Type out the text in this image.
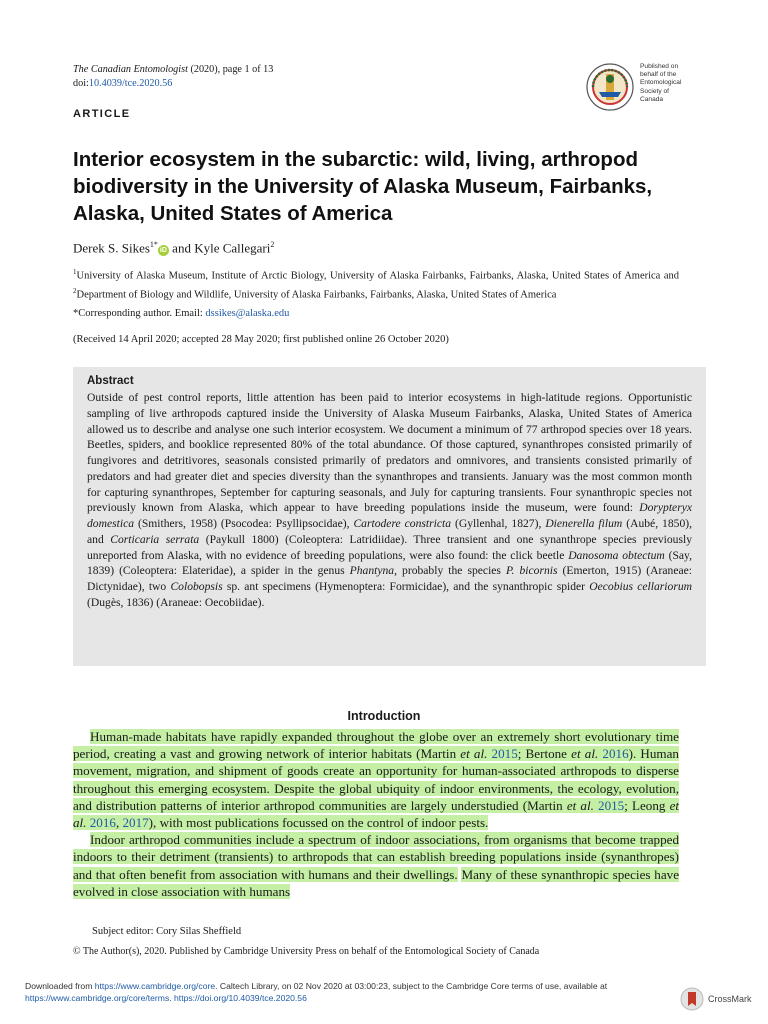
The Canadian Entomologist (2020), page 1 of 13
doi:10.4039/tce.2020.56
ARTICLE
Published on
behalf of the
Entomological
Society of
Canada
Interior ecosystem in the subarctic: wild, living, arthropod biodiversity in the University of Alaska Museum, Fairbanks, Alaska, United States of America
Derek S. Sikes$^{1*}$iD and Kyle Callegari$^2$
$^1$University of Alaska Museum, Institute of Arctic Biology, University of Alaska Fairbanks, Fairbanks, Alaska, United States of America and $^2$Department of Biology and Wildlife, University of Alaska Fairbanks, Fairbanks, Alaska, United States of America
*Corresponding author. Email: dssikes@alaska.edu
(Received 14 April 2020; accepted 28 May 2020; first published online 26 October 2020)
Abstract
Outside of pest control reports, little attention has been paid to interior ecosystems in high-latitude regions. Opportunistic sampling of live arthropods captured inside the University of Alaska Museum Fairbanks, Alaska, United States of America allowed us to describe and analyse one such interior ecosystem. We document a minimum of 77 arthropod species over 18 years. Beetles, spiders, and booklice represented 80% of the total abundance. Of those captured, synanthropes consisted primarily of fungivores and detritivores, seasonals consisted primarily of predators and omnivores, and transients consisted primarily of predators and had greater diet and species diversity than the synanthropes and transients. January was the most common month for capturing synanthropes, September for capturing seasonals, and July for capturing transients. Four synanthropic species not previously known from Alaska, which appear to have breeding populations inside the museum, were found: Dorypteryx domestica (Smithers, 1958) (Psocodea: Psyllipsocidae), Cartodere constricta (Gyllenhal, 1827), Dienerella filum (Aubé, 1850), and Corticaria serrata (Paykull 1800) (Coleoptera: Latridiidae). Three transient and one synanthrope species previously unreported from Alaska, with no evidence of breeding populations, were also found: the click beetle Danosoma obtectum (Say, 1839) (Coleoptera: Elateridae), a spider in the genus Phantyna, probably the species P. bicornis (Emerton, 1915) (Araneae: Dictynidae), two Colobopsis sp. ant specimens (Hymenoptera: Formicidae), and the synanthropic spider Oecobius cellariorum (Dugès, 1836) (Araneae: Oecobiidae).
Introduction

Human-made habitats have rapidly expanded throughout the globe over an extremely short evolutionary time period, creating a vast and growing network of interior habitats (Martin et al. 2015; Bertone et al. 2016). Human movement, migration, and shipment of goods create an opportunity for human-associated arthropods to disperse throughout this emerging ecosystem. Despite the global ubiquity of indoor environments, the ecology, evolution, and distribution patterns of interior arthropod communities are largely understudied (Martin et al. 2015; Leong et al. 2016, 2017), with most publications focussed on the control of indoor pests.

Indoor arthropod communities include a spectrum of indoor associations, from organisms that become trapped indoors to their detriment (transients) to arthropods that can establish breeding populations inside (synanthropes) and that often benefit from association with humans and their dwellings. Many of these synanthropic species have evolved in close association with humans

Subject editor: Cory Silas Sheffield
© The Author(s), 2020. Published by Cambridge University Press on behalf of the Entomological Society of Canada
Downloaded from https://www.cambridge.org/core. Caltech Library, on 02 Nov 2020 at 03:00:23, subject to the Cambridge Core terms of use, available at https://www.cambridge.org/core/terms. https://doi.org/10.4039/tce.2020.56	CrossMark
